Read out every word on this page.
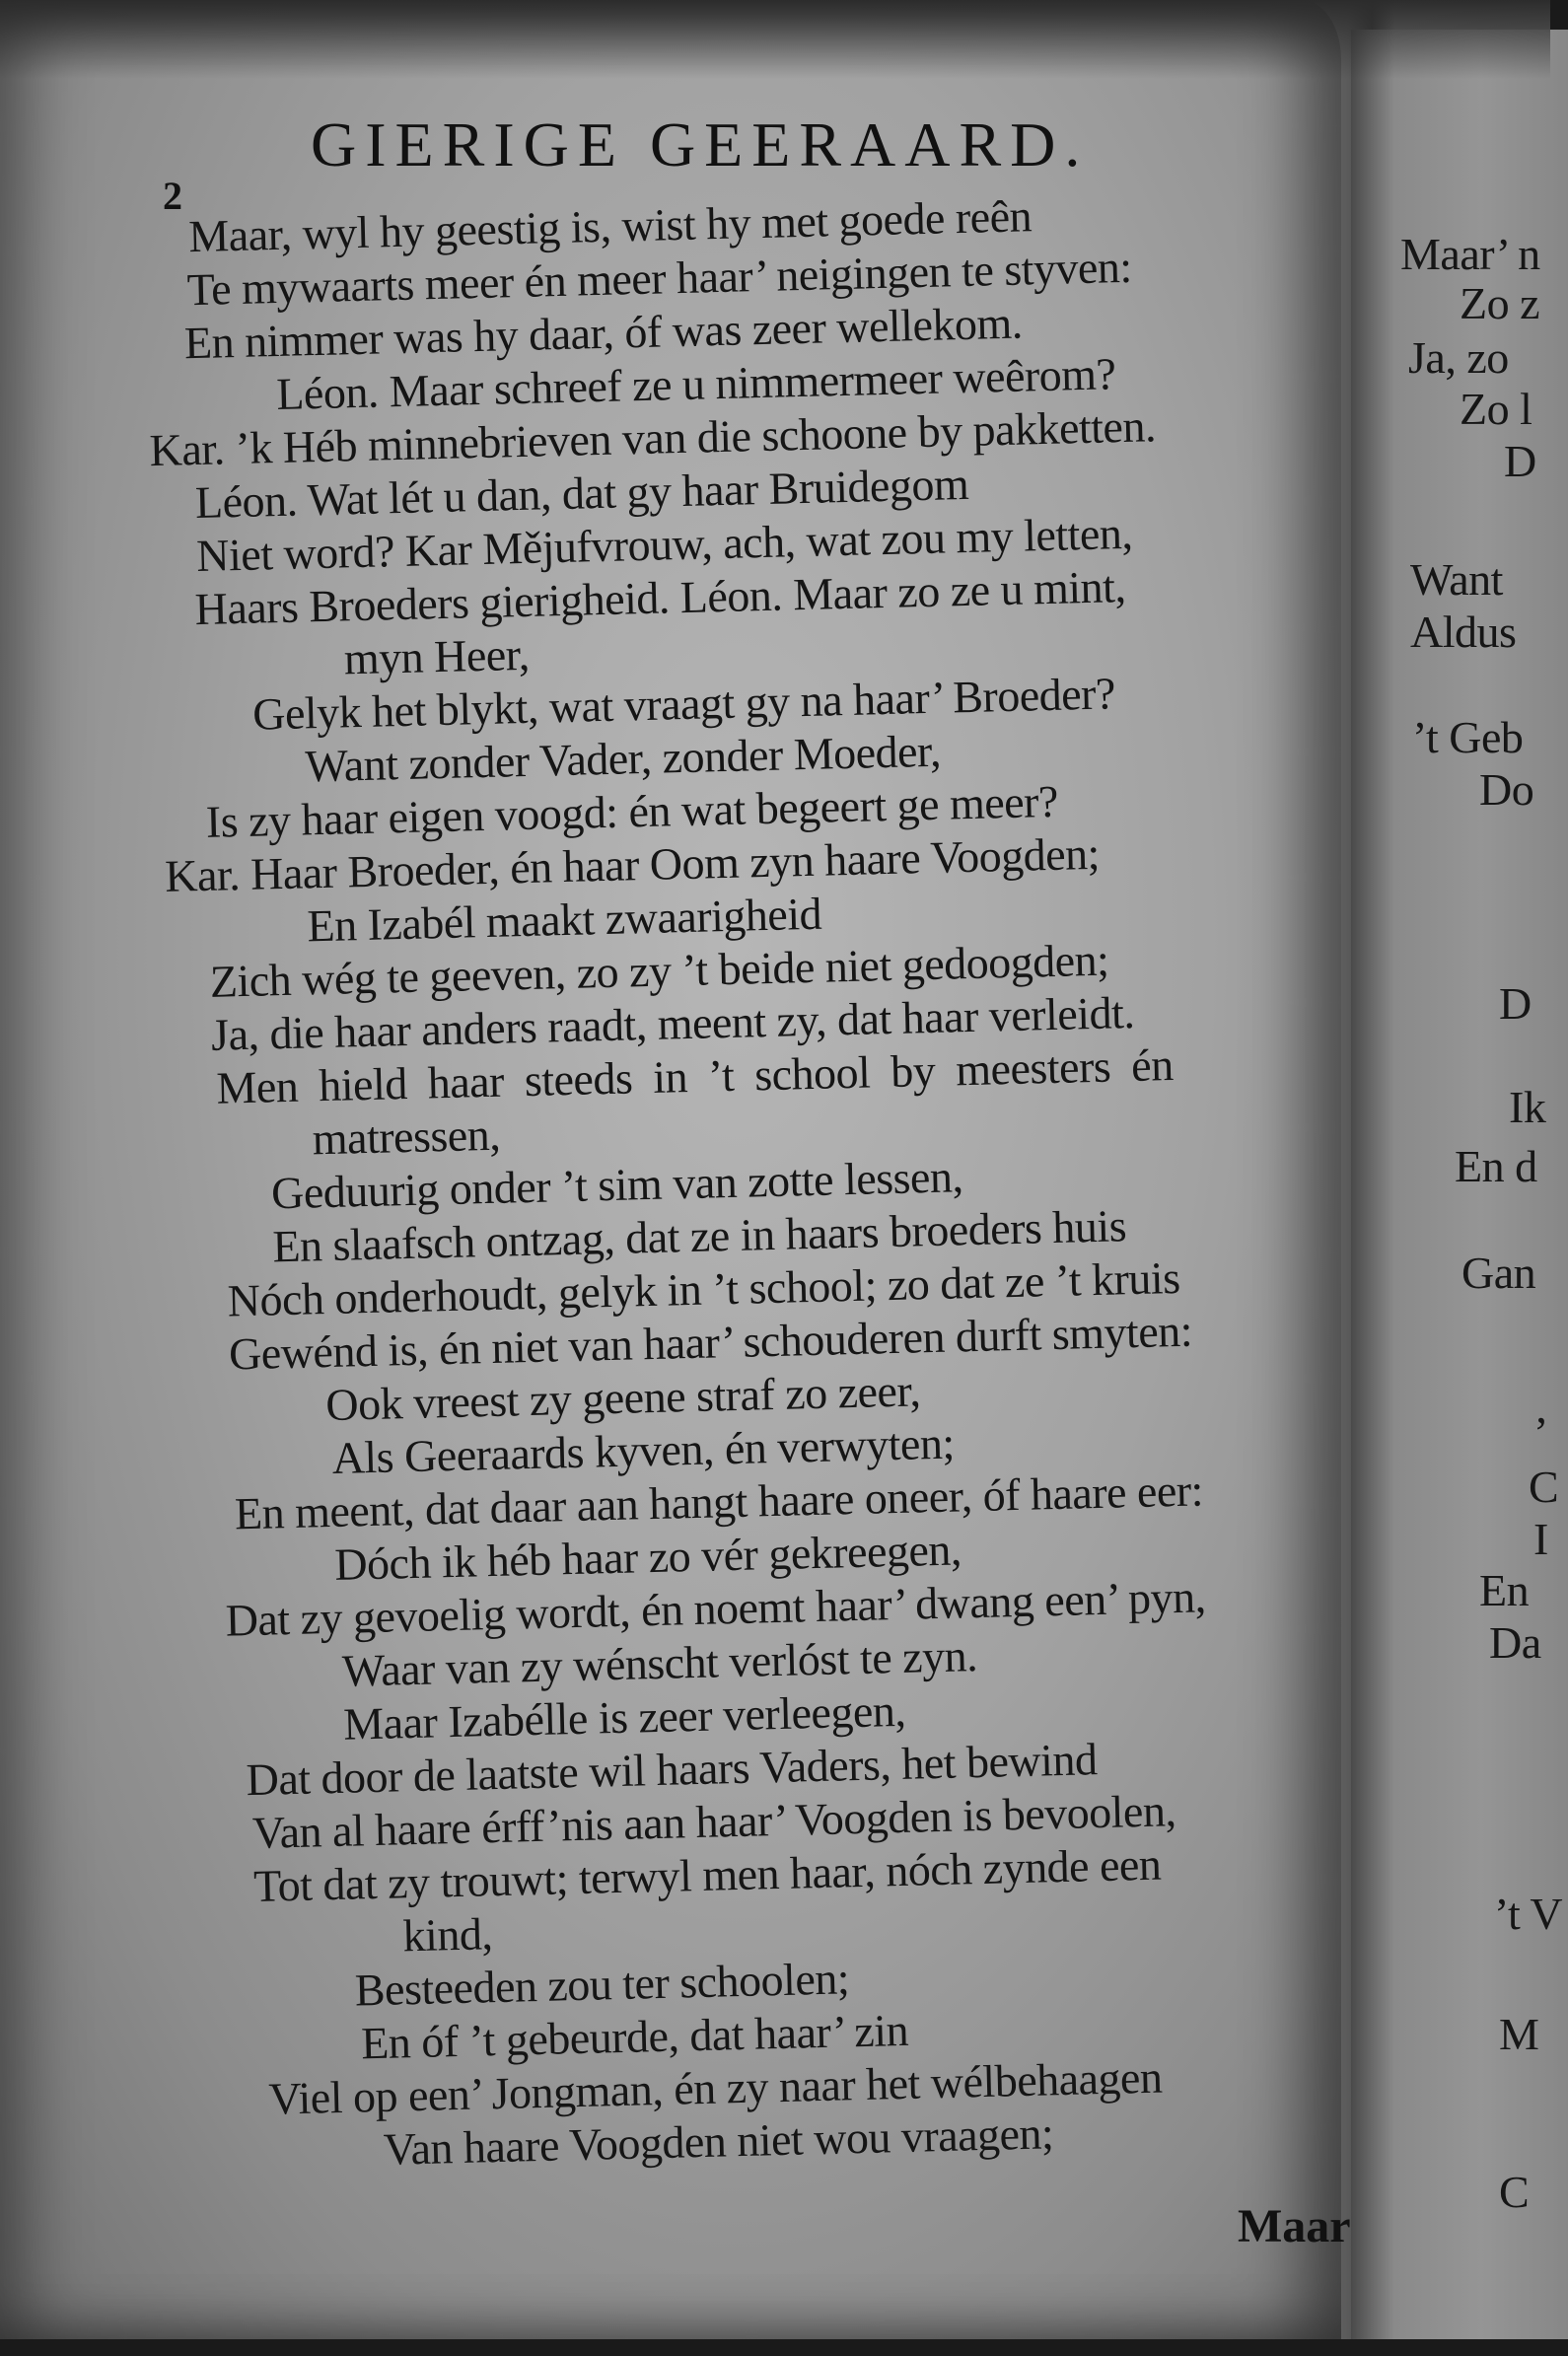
Maar’ n
Zo z
Ja, zo
Zo l
D
Want
Aldus
’t Geb
Do
D
Ik
En d
Gan
’
C
I
En
Da
’t V
M
C
2
GIERIGE GEERAARD.
Maar, wyl hy geestig is, wist hy met goede reên
Te mywaarts meer én meer haar’ neigingen te styven:
En nimmer was hy daar, óf was zeer wellekom.
Léon. Maar schreef ze u nimmermeer weêrom?
Kar. ’k Héb minnebrieven van die schoone by pakketten.
Léon. Wat lét u dan, dat gy haar Bruidegom
Niet word? Kar Mějufvrouw, ach, wat zou my letten,
Haars Broeders gierigheid. Léon. Maar zo ze u mint,
myn Heer,
Gelyk het blykt, wat vraagt gy na haar’ Broeder?
Want zonder Vader, zonder Moeder,
Is zy haar eigen voogd: én wat begeert ge meer?
Kar. Haar Broeder, én haar Oom zyn haare Voogden;
En Izabél maakt zwaarigheid
Zich wég te geeven, zo zy ’t beide niet gedoogden;
Ja, die haar anders raadt, meent zy, dat haar verleidt.
Men hield haar steeds in ’t school by meesters én
matressen,
Geduurig onder ’t sim van zotte lessen,
En slaafsch ontzag, dat ze in haars broeders huis
Nóch onderhoudt, gelyk in ’t school; zo dat ze ’t kruis
Gewénd is, én niet van haar’ schouderen durft smyten:
Ook vreest zy geene straf zo zeer,
Als Geeraards kyven, én verwyten;
En meent, dat daar aan hangt haare oneer, óf haare eer:
Dóch ik héb haar zo vér gekreegen,
Dat zy gevoelig wordt, én noemt haar’ dwang een’ pyn,
Waar van zy wénscht verlóst te zyn.
Maar Izabélle is zeer verleegen,
Dat door de laatste wil haars Vaders, het bewind
Van al haare érff’nis aan haar’ Voogden is bevoolen,
Tot dat zy trouwt; terwyl men haar, nóch zynde een
kind,
Besteeden zou ter schoolen;
En óf ’t gebeurde, dat haar’ zin
Viel op een’ Jongman, én zy naar het wélbehaagen
Van haare Voogden niet wou vraagen;
Maar
